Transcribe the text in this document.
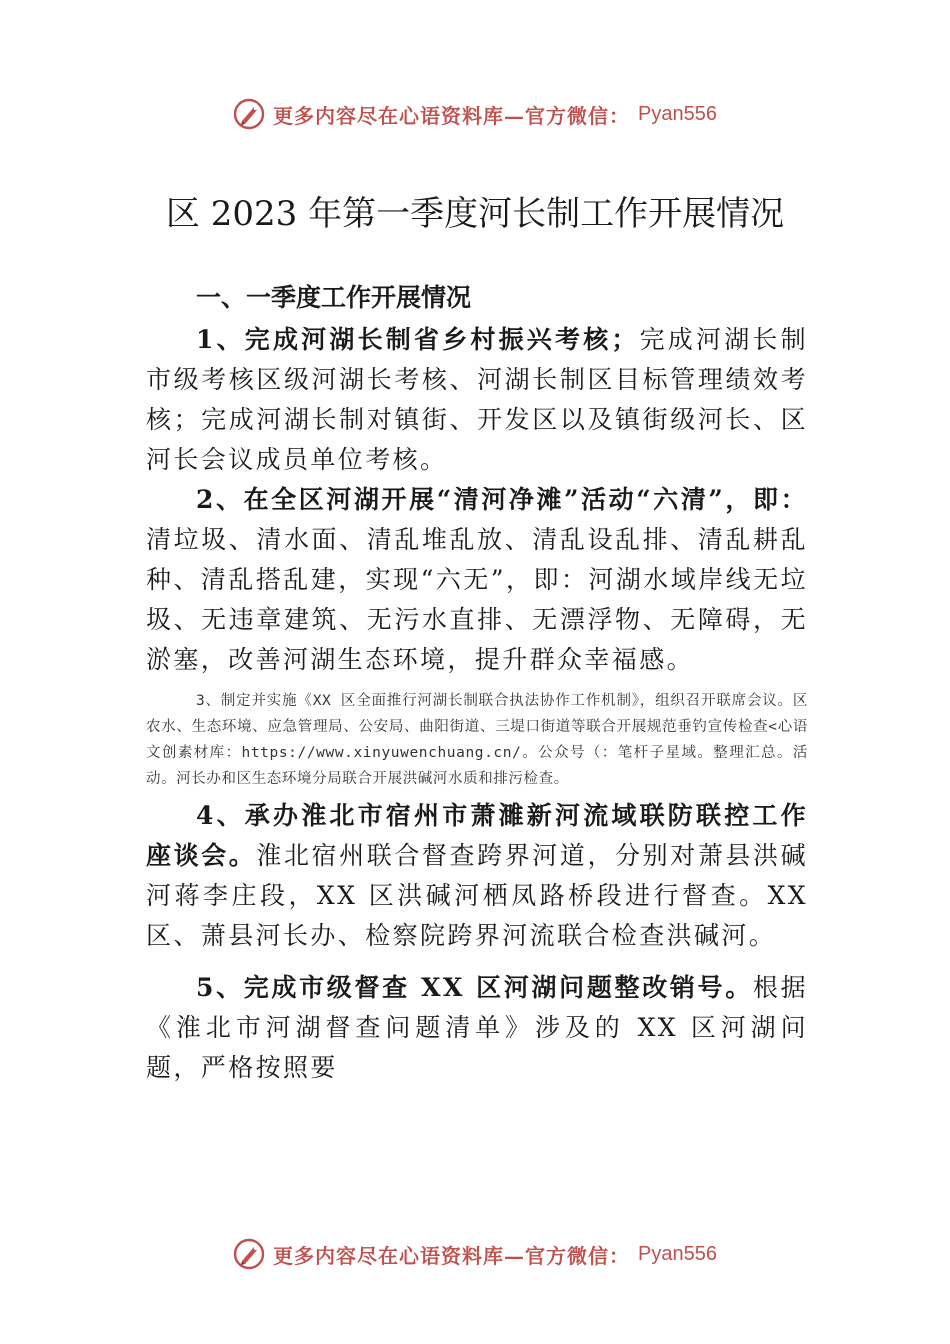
更多内容尽在心语资料库—官方微信： Pyan556
区 2023 年第一季度河长制工作开展情况
一、一季度工作开展情况

1、完成河湖长制省乡村振兴考核；完成河湖长制市级考核区级河湖长考核、河湖长制区目标管理绩效考核；完成河湖长制对镇街、开发区以及镇街级河长、区河长会议成员单位考核。

2、在全区河湖开展“清河净滩”活动“六清”，即：清垃圾、清水面、清乱堆乱放、清乱设乱排、清乱耕乱种、清乱搭乱建，实现“六无”，即：河湖水域岸线无垃圾、无违章建筑、无污水直排、无漂浮物、无障碍，无淤塞，改善河湖生态环境，提升群众幸福感。

3、制定并实施《XX 区全面推行河湖长制联合执法协作工作机制》，组织召开联席会议。区农水、生态环境、应急管理局、公安局、曲阳街道、三堤口街道等联合开展规范垂钓宣传检查<心语文创素材库：https://www.xinyuwenchuang.cn/。公众号（：笔杆子星域。整理汇总。活动。河长办和区生态环境分局联合开展洪碱河水质和排污检查。

4、承办淮北市宿州市萧濉新河流域联防联控工作座谈会。淮北宿州联合督查跨界河道，分别对萧县洪碱河蒋李庄段，XX 区洪碱河栖凤路桥段进行督查。XX 区、萧县河长办、检察院跨界河流联合检查洪碱河。

5、完成市级督查 XX 区河湖问题整改销号。根据《淮北市河湖督查问题清单》涉及的 XX 区河湖问题，严格按照要

更多内容尽在心语资料库—官方微信： Pyan556
